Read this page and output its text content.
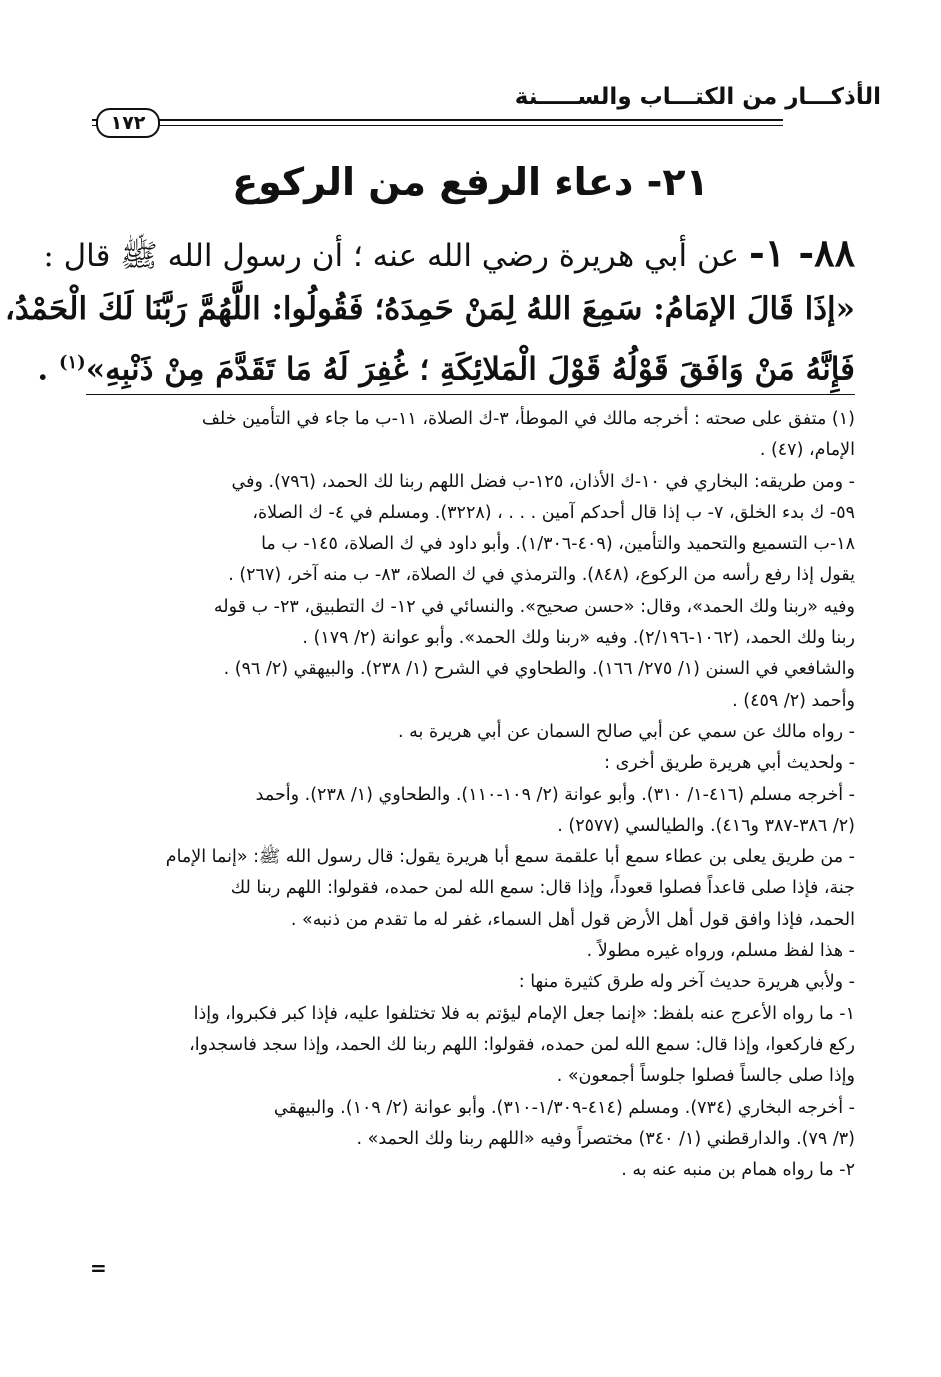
الأذكـــار من الكتـــاب والســـــنة
١٧٢
٢١- دعاء الرفع من الركوع
٨٨- ١- عن أبي هريرة رضي الله عنه ؛ أن رسول الله ﷺ قال :
«إذَا قَالَ الإمَامُ: سَمِعَ اللهُ لِمَنْ حَمِدَهُ؛ فَقُولُوا: اللَّهُمَّ رَبَّنَا لَكَ الْحَمْدُ،
فَإِنَّهُ مَنْ وَافَقَ قَوْلُهُ قَوْلَ الْمَلائِكَةِ ؛ غُفِرَ لَهُ مَا تَقَدَّمَ مِنْ ذَنْبِهِ»$^{(١)}$ .
(١) متفق على صحته : أخرجه مالك في الموطأ، ٣-ك الصلاة، ١١-ب ما جاء في التأمين خلف
الإمام، (٤٧) .
- ومن طريقه: البخاري في ١٠-ك الأذان، ١٢٥-ب فضل اللهم ربنا لك الحمد، (٧٩٦). وفي
٥٩- ك بدء الخلق، ٧- ب إذا قال أحدكم آمين . . . ، (٣٢٢٨). ومسلم في ٤- ك الصلاة،
١٨-ب التسميع والتحميد والتأمين، (٤٠٩-١/٣٠٦). وأبو داود في ك الصلاة، ١٤٥- ب ما
يقول إذا رفع رأسه من الركوع، (٨٤٨). والترمذي في ك الصلاة، ٨٣- ب منه آخر، (٢٦٧) .
وفيه «ربنا ولك الحمد»، وقال: «حسن صحيح». والنسائي في ١٢- ك التطبيق، ٢٣- ب قوله
ربنا ولك الحمد، (١٠٦٢-٢/١٩٦). وفيه «ربنا ولك الحمد». وأبو عوانة (٢/ ١٧٩) .
والشافعي في السنن (١/ ٢٧٥/ ١٦٦). والطحاوي في الشرح (١/ ٢٣٨). والبيهقي (٢/ ٩٦) .
وأحمد (٢/ ٤٥٩) .
- رواه مالك عن سمي عن أبي صالح السمان عن أبي هريرة به .
- ولحديث أبي هريرة طريق أخرى :
- أخرجه مسلم (٤١٦-١/ ٣١٠). وأبو عوانة (٢/ ١٠٩-١١٠). والطحاوي (١/ ٢٣٨). وأحمد
(٢/ ٣٨٦-٣٨٧ و٤١٦). والطيالسي (٢٥٧٧) .
- من طريق يعلى بن عطاء سمع أبا علقمة سمع أبا هريرة يقول: قال رسول الله ﷺ: «إنما الإمام
جنة، فإذا صلى قاعداً فصلوا قعوداً، وإذا قال: سمع الله لمن حمده، فقولوا: اللهم ربنا لك
الحمد، فإذا وافق قول أهل الأرض قول أهل السماء، غفر له ما تقدم من ذنبه» .
- هذا لفظ مسلم، ورواه غيره مطولاً .
- ولأبي هريرة حديث آخر وله طرق كثيرة منها :
١- ما رواه الأعرج عنه بلفظ: «إنما جعل الإمام ليؤتم به فلا تختلفوا عليه، فإذا كبر فكبروا، وإذا
ركع فاركعوا، وإذا قال: سمع الله لمن حمده، فقولوا: اللهم ربنا لك الحمد، وإذا سجد فاسجدوا،
وإذا صلى جالساً فصلوا جلوساً أجمعون» .
- أخرجه البخاري (٧٣٤). ومسلم (٤١٤-١/٣٠٩-٣١٠). وأبو عوانة (٢/ ١٠٩). والبيهقي
(٣/ ٧٩). والدارقطني (١/ ٣٤٠) مختصراً وفيه «اللهم ربنا ولك الحمد» .
٢- ما رواه همام بن منبه عنه به .
=
